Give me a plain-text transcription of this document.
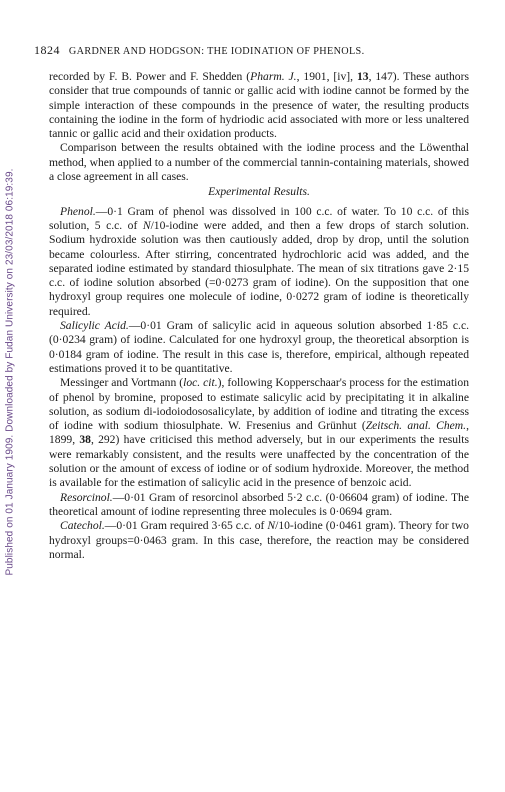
Published on 01 January 1909. Downloaded by Fudan University on 23/03/2018 06:19:39.
1824 GARDNER AND HODGSON: THE IODINATION OF PHENOLS.

recorded by F. B. Power and F. Shedden (Pharm. J., 1901, [iv], 13, 147). These authors consider that true compounds of tannic or gallic acid with iodine cannot be formed by the simple interaction of these compounds in the presence of water, the resulting products containing the iodine in the form of hydriodic acid associated with more or less unaltered tannic or gallic acid and their oxidation products.

Comparison between the results obtained with the iodine process and the Löwenthal method, when applied to a number of the commercial tannin-containing materials, showed a close agreement in all cases.

Experimental Results.

Phenol.—0·1 Gram of phenol was dissolved in 100 c.c. of water. To 10 c.c. of this solution, 5 c.c. of N/10-iodine were added, and then a few drops of starch solution. Sodium hydroxide solution was then cautiously added, drop by drop, until the solution became colourless. After stirring, concentrated hydrochloric acid was added, and the separated iodine estimated by standard thiosulphate. The mean of six titrations gave 2·15 c.c. of iodine solution absorbed (=0·0273 gram of iodine). On the supposition that one hydroxyl group requires one molecule of iodine, 0·0272 gram of iodine is theoretically required.

Salicylic Acid.—0·01 Gram of salicylic acid in aqueous solution absorbed 1·85 c.c. (0·0234 gram) of iodine. Calculated for one hydroxyl group, the theoretical absorption is 0·0184 gram of iodine. The result in this case is, therefore, empirical, although repeated estimations proved it to be quantitative.

Messinger and Vortmann (loc. cit.), following Kopperschaar's process for the estimation of phenol by bromine, proposed to estimate salicylic acid by precipitating it in alkaline solution, as sodium di-iodoiodososalicylate, by addition of iodine and titrating the excess of iodine with sodium thiosulphate. W. Fresenius and Grünhut (Zeitsch. anal. Chem., 1899, 38, 292) have criticised this method adversely, but in our experiments the results were remarkably consistent, and the results were unaffected by the concentration of the solution or the amount of excess of iodine or of sodium hydroxide. Moreover, the method is available for the estimation of salicylic acid in the presence of benzoic acid.

Resorcinol.—0·01 Gram of resorcinol absorbed 5·2 c.c. (0·06604 gram) of iodine. The theoretical amount of iodine representing three molecules is 0·0694 gram.

Catechol.—0·01 Gram required 3·65 c.c. of N/10-iodine (0·0461 gram). Theory for two hydroxyl groups=0·0463 gram. In this case, therefore, the reaction may be considered normal.
